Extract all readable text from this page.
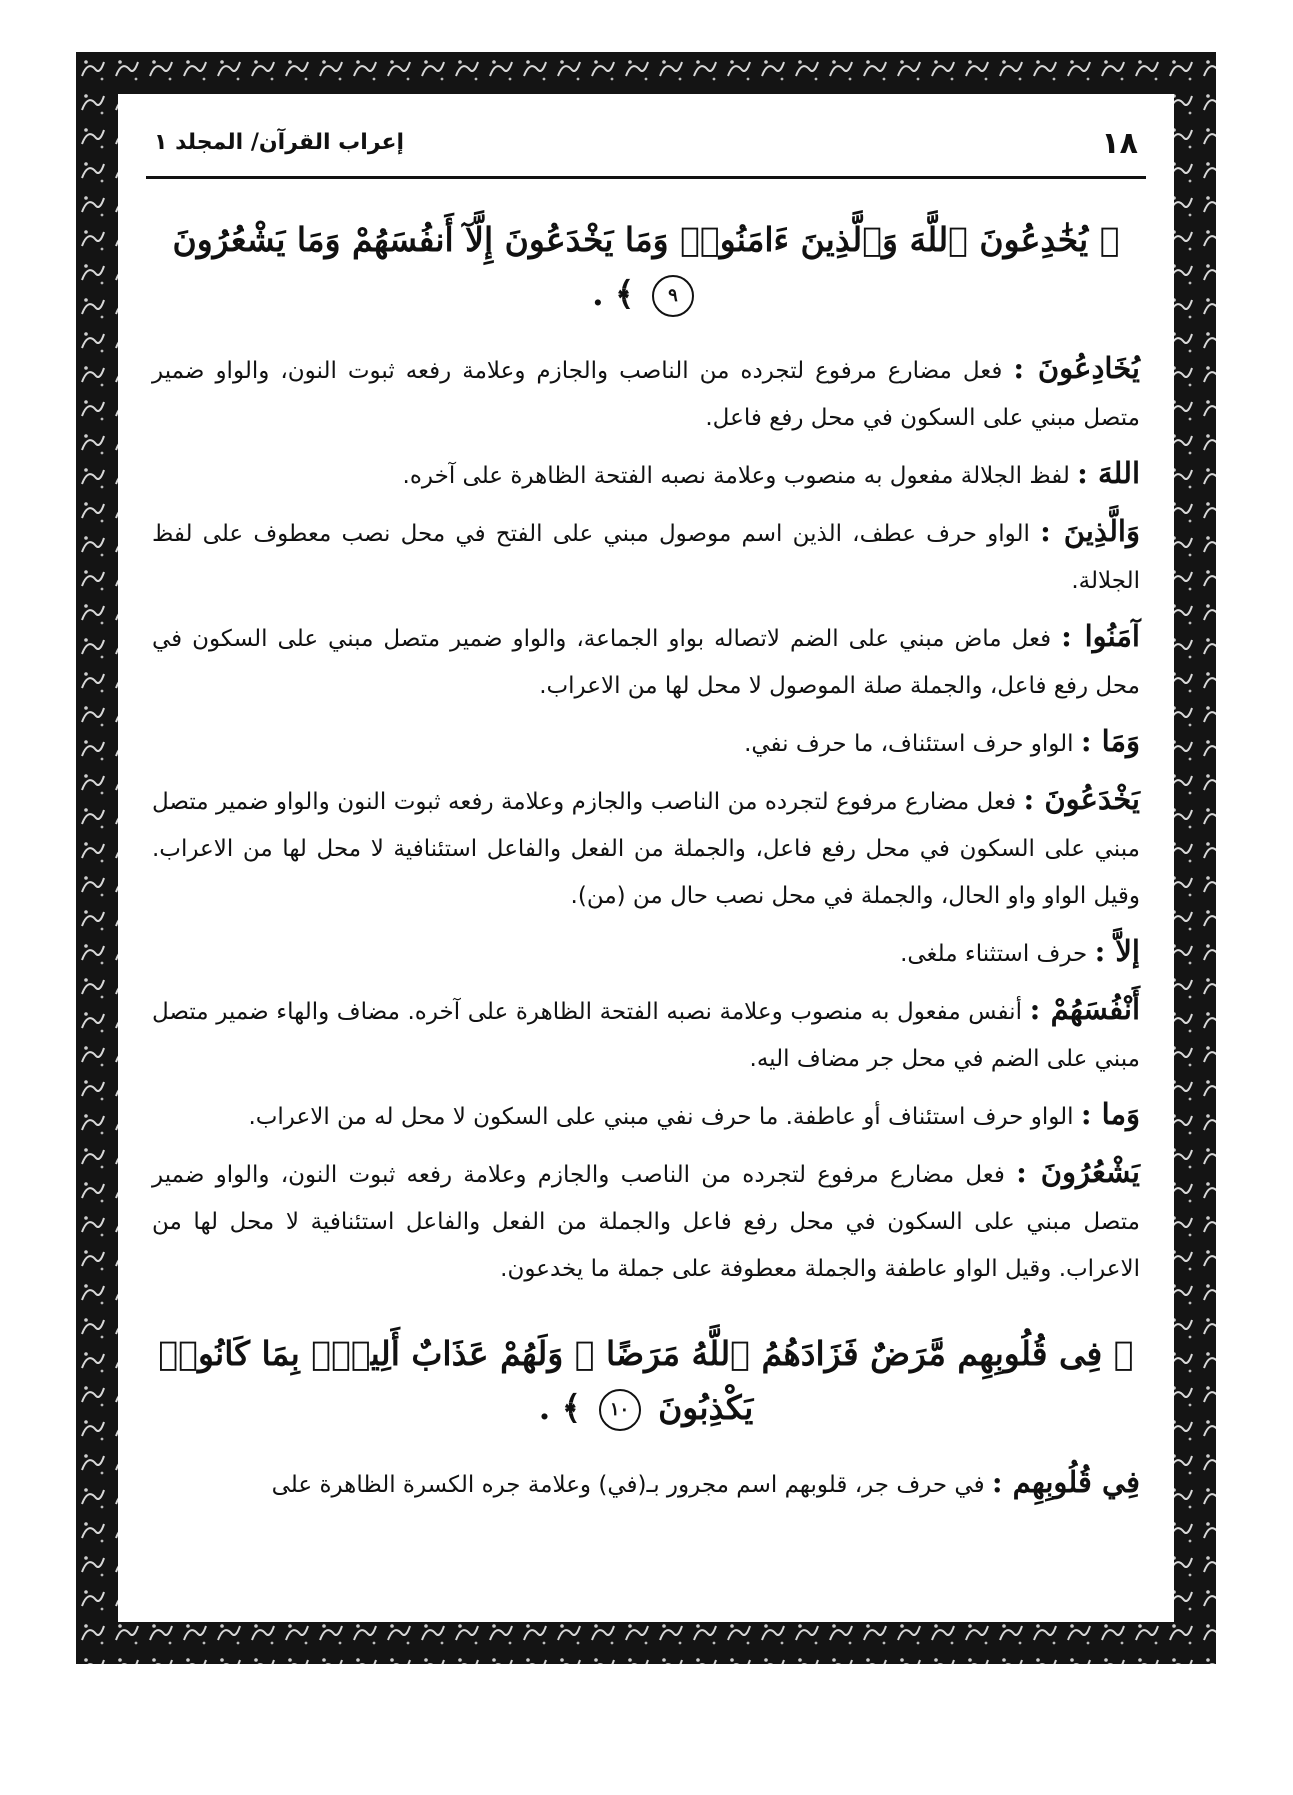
١٨
إعراب القرآن/ المجلد ١
﴿ يُخَٰدِعُونَ ٱللَّهَ وَٱلَّذِينَ ءَامَنُوا۟ وَمَا يَخْدَعُونَ إِلَّآ أَنفُسَهُمْ وَمَا يَشْعُرُونَ ٩ ﴾ .

يُخَادِعُونَ : فعل مضارع مرفوع لتجرده من الناصب والجازم وعلامة رفعه ثبوت النون، والواو ضمير متصل مبني على السكون في محل رفع فاعل.

اللهَ : لفظ الجلالة مفعول به منصوب وعلامة نصبه الفتحة الظاهرة على آخره.

وَالَّذِينَ : الواو حرف عطف، الذين اسم موصول مبني على الفتح في محل نصب معطوف على لفظ الجلالة.

آمَنُوا : فعل ماض مبني على الضم لاتصاله بواو الجماعة، والواو ضمير متصل مبني على السكون في محل رفع فاعل، والجملة صلة الموصول لا محل لها من الاعراب.

وَمَا : الواو حرف استئناف، ما حرف نفي.

يَخْدَعُونَ : فعل مضارع مرفوع لتجرده من الناصب والجازم وعلامة رفعه ثبوت النون والواو ضمير متصل مبني على السكون في محل رفع فاعل، والجملة من الفعل والفاعل استئنافية لا محل لها من الاعراب. وقيل الواو واو الحال، والجملة في محل نصب حال من (من).

إلاَّ : حرف استثناء ملغى.

أَنْفُسَهُمْ : أنفس مفعول به منصوب وعلامة نصبه الفتحة الظاهرة على آخره. مضاف والهاء ضمير متصل مبني على الضم في محل جر مضاف اليه.

وَما : الواو حرف استئناف أو عاطفة. ما حرف نفي مبني على السكون لا محل له من الاعراب.

يَشْعُرُونَ : فعل مضارع مرفوع لتجرده من الناصب والجازم وعلامة رفعه ثبوت النون، والواو ضمير متصل مبني على السكون في محل رفع فاعل والجملة من الفعل والفاعل استئنافية لا محل لها من الاعراب. وقيل الواو عاطفة والجملة معطوفة على جملة ما يخدعون.

﴿ فِى قُلُوبِهِم مَّرَضٌ فَزَادَهُمُ ٱللَّهُ مَرَضًا ۖ وَلَهُمْ عَذَابٌ أَلِيمٌۢ بِمَا كَانُوا۟ يَكْذِبُونَ ١٠ ﴾ .

فِي قُلُوبِهِم : في حرف جر، قلوبهم اسم مجرور بـ(في) وعلامة جره الكسرة الظاهرة على
